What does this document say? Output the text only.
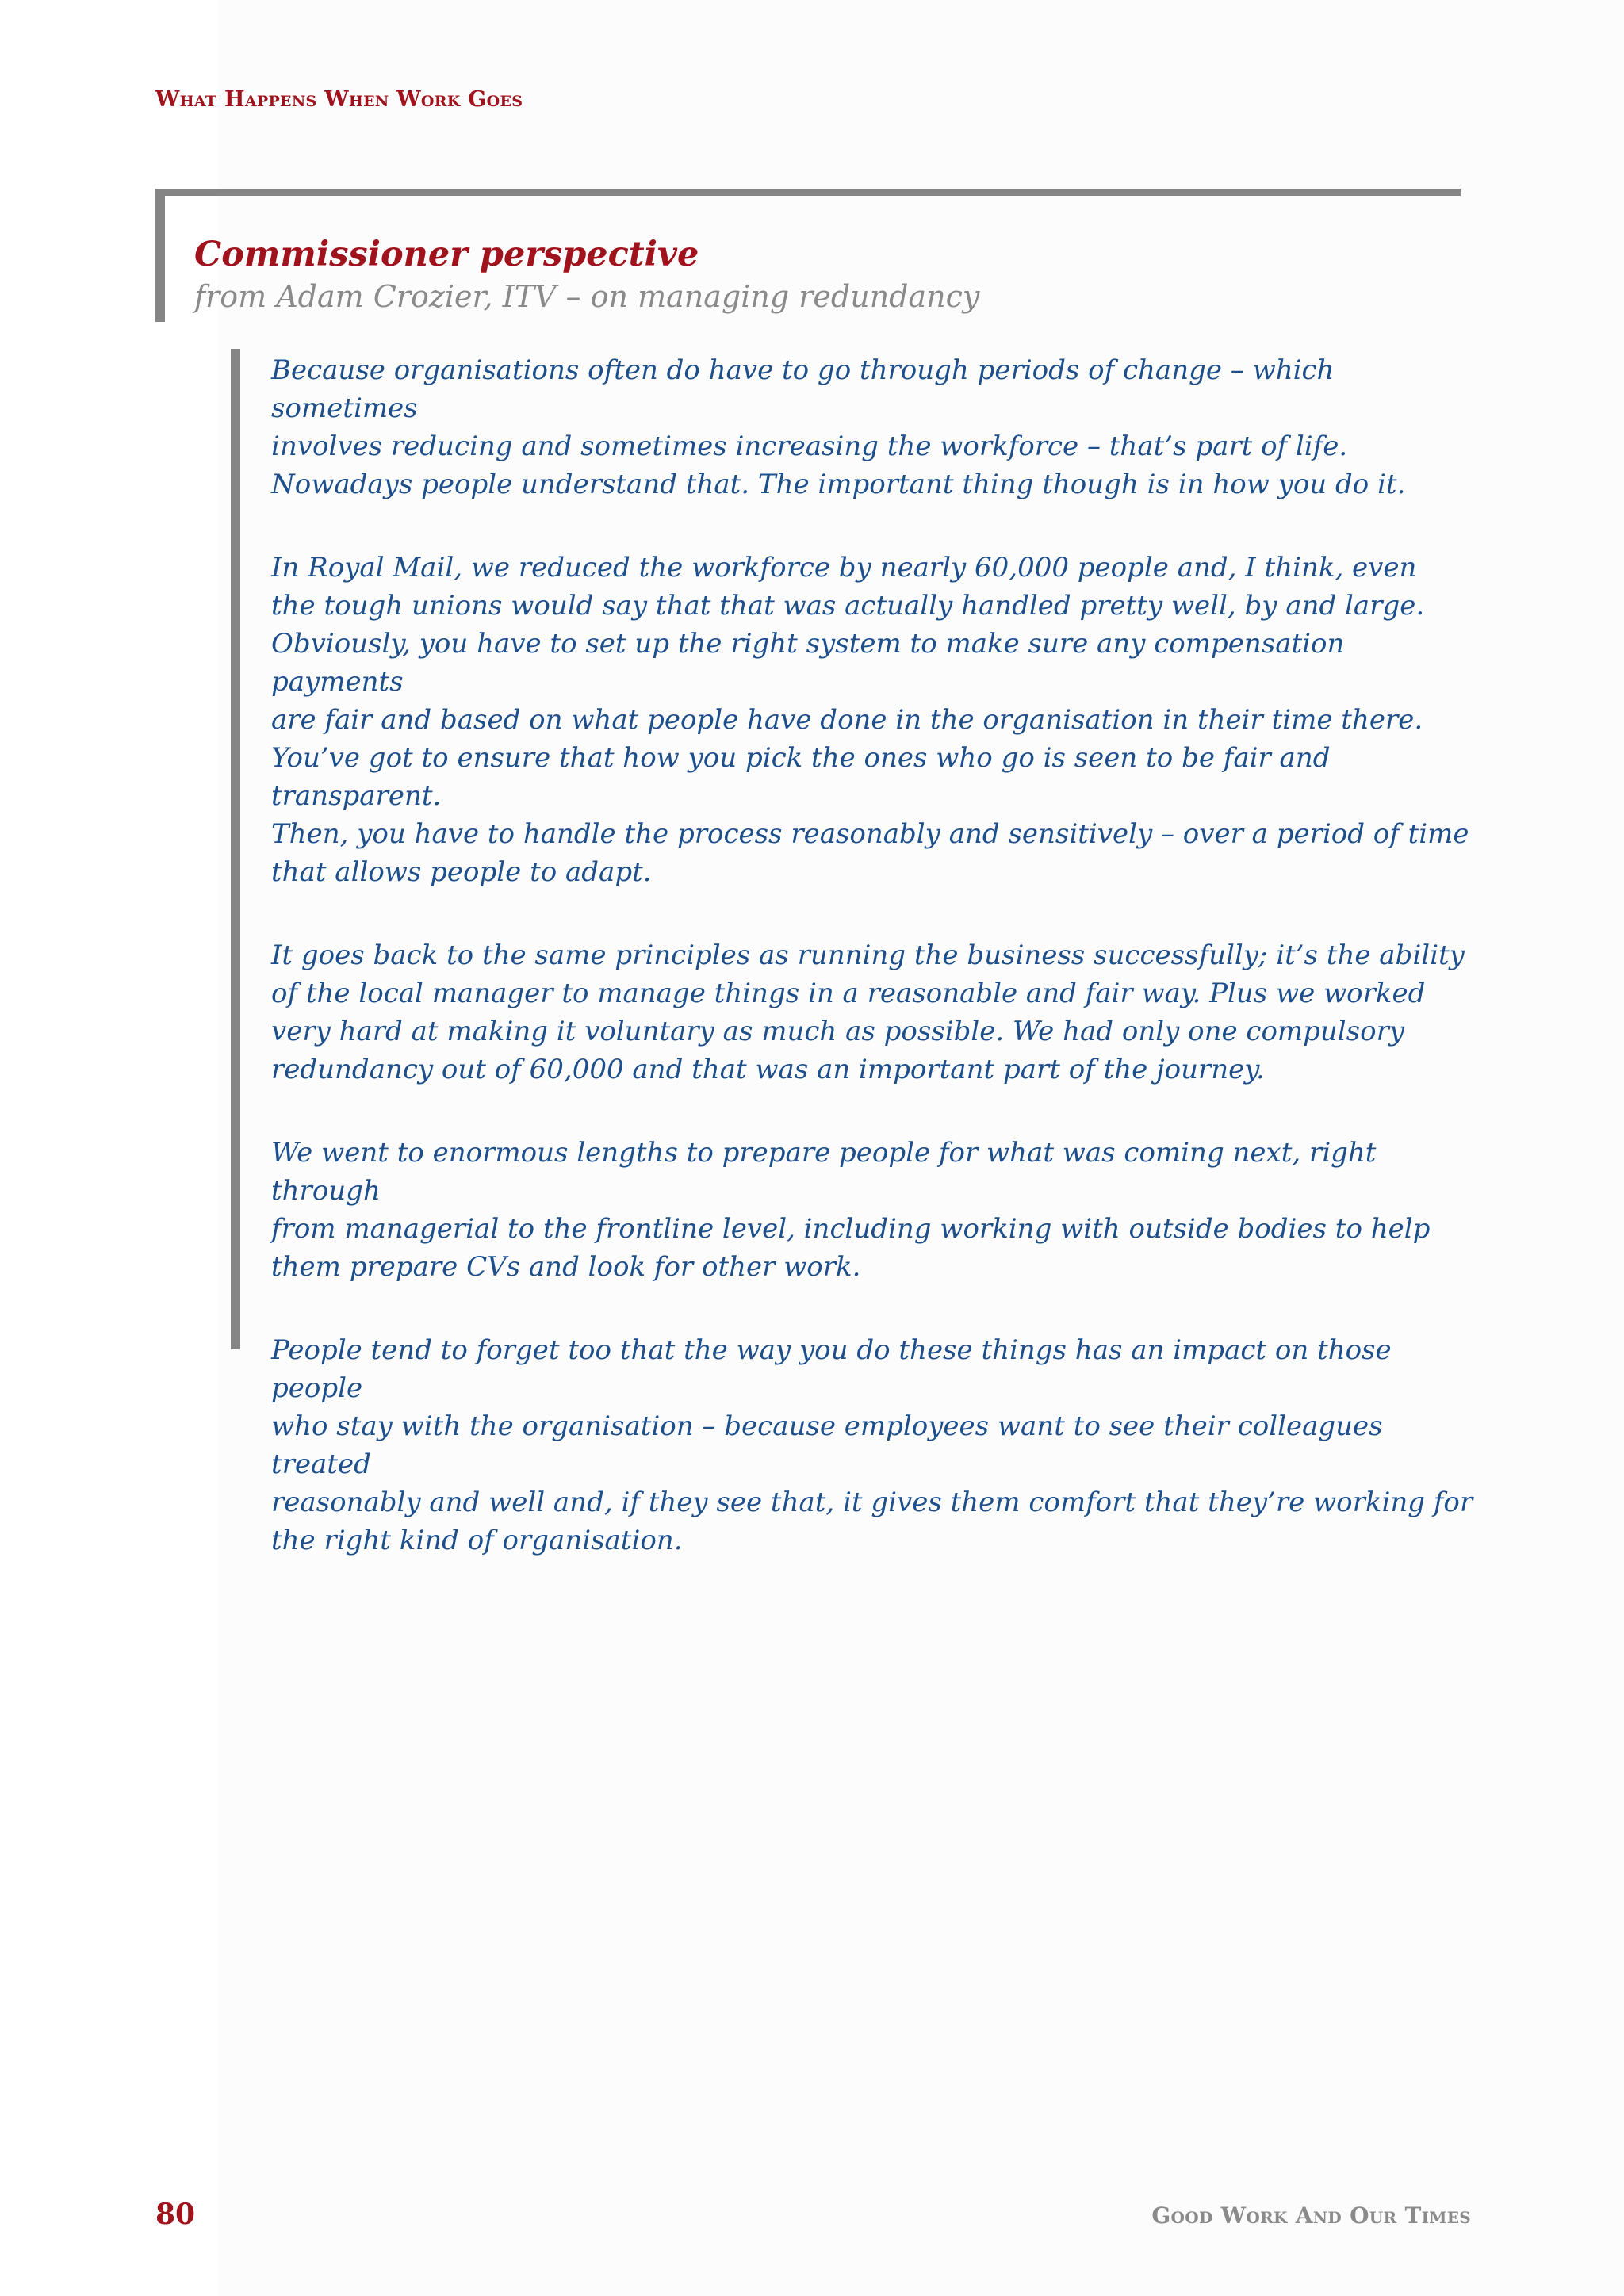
What Happens When Work Goes
Commissioner perspective
from Adam Crozier, ITV – on managing redundancy

Because organisations often do have to go through periods of change – which sometimes
involves reducing and sometimes increasing the workforce – that’s part of life.
Nowadays people understand that. The important thing though is in how you do it.

In Royal Mail, we reduced the workforce by nearly 60,000 people and, I think, even
the tough unions would say that that was actually handled pretty well, by and large.
Obviously, you have to set up the right system to make sure any compensation payments
are fair and based on what people have done in the organisation in their time there.
You’ve got to ensure that how you pick the ones who go is seen to be fair and transparent.
Then, you have to handle the process reasonably and sensitively – over a period of time
that allows people to adapt.

It goes back to the same principles as running the business successfully; it’s the ability
of the local manager to manage things in a reasonable and fair way. Plus we worked
very hard at making it voluntary as much as possible. We had only one compulsory
redundancy out of 60,000 and that was an important part of the journey.

We went to enormous lengths to prepare people for what was coming next, right through
from managerial to the frontline level, including working with outside bodies to help
them prepare CVs and look for other work.

People tend to forget too that the way you do these things has an impact on those people
who stay with the organisation – because employees want to see their colleagues treated
reasonably and well and, if they see that, it gives them comfort that they’re working for
the right kind of organisation.

80	Good Work And Our Times
